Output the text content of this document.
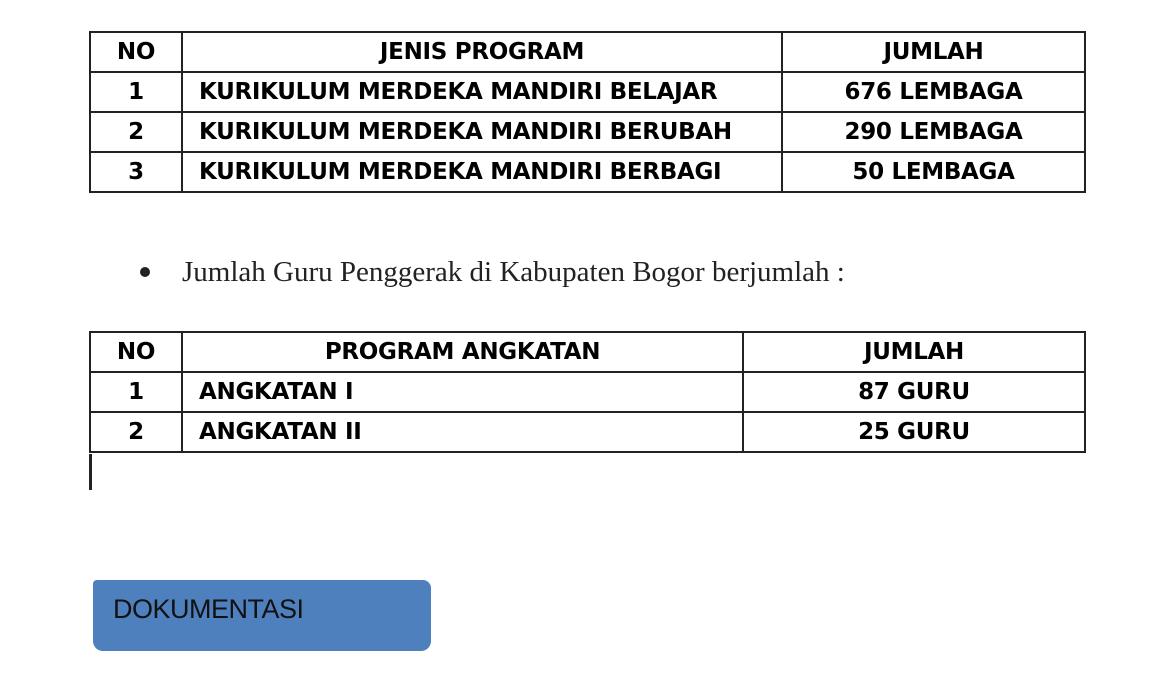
NO	JENIS PROGRAM	JUMLAH
1	KURIKULUM MERDEKA MANDIRI BELAJAR	676 LEMBAGA
2	KURIKULUM MERDEKA MANDIRI BERUBAH	290 LEMBAGA
3	KURIKULUM MERDEKA MANDIRI BERBAGI	50 LEMBAGA
Jumlah Guru Penggerak di Kabupaten Bogor berjumlah :
NO	PROGRAM ANGKATAN	JUMLAH
1	ANGKATAN I	87 GURU
2	ANGKATAN II	25 GURU
DOKUMENTASI
